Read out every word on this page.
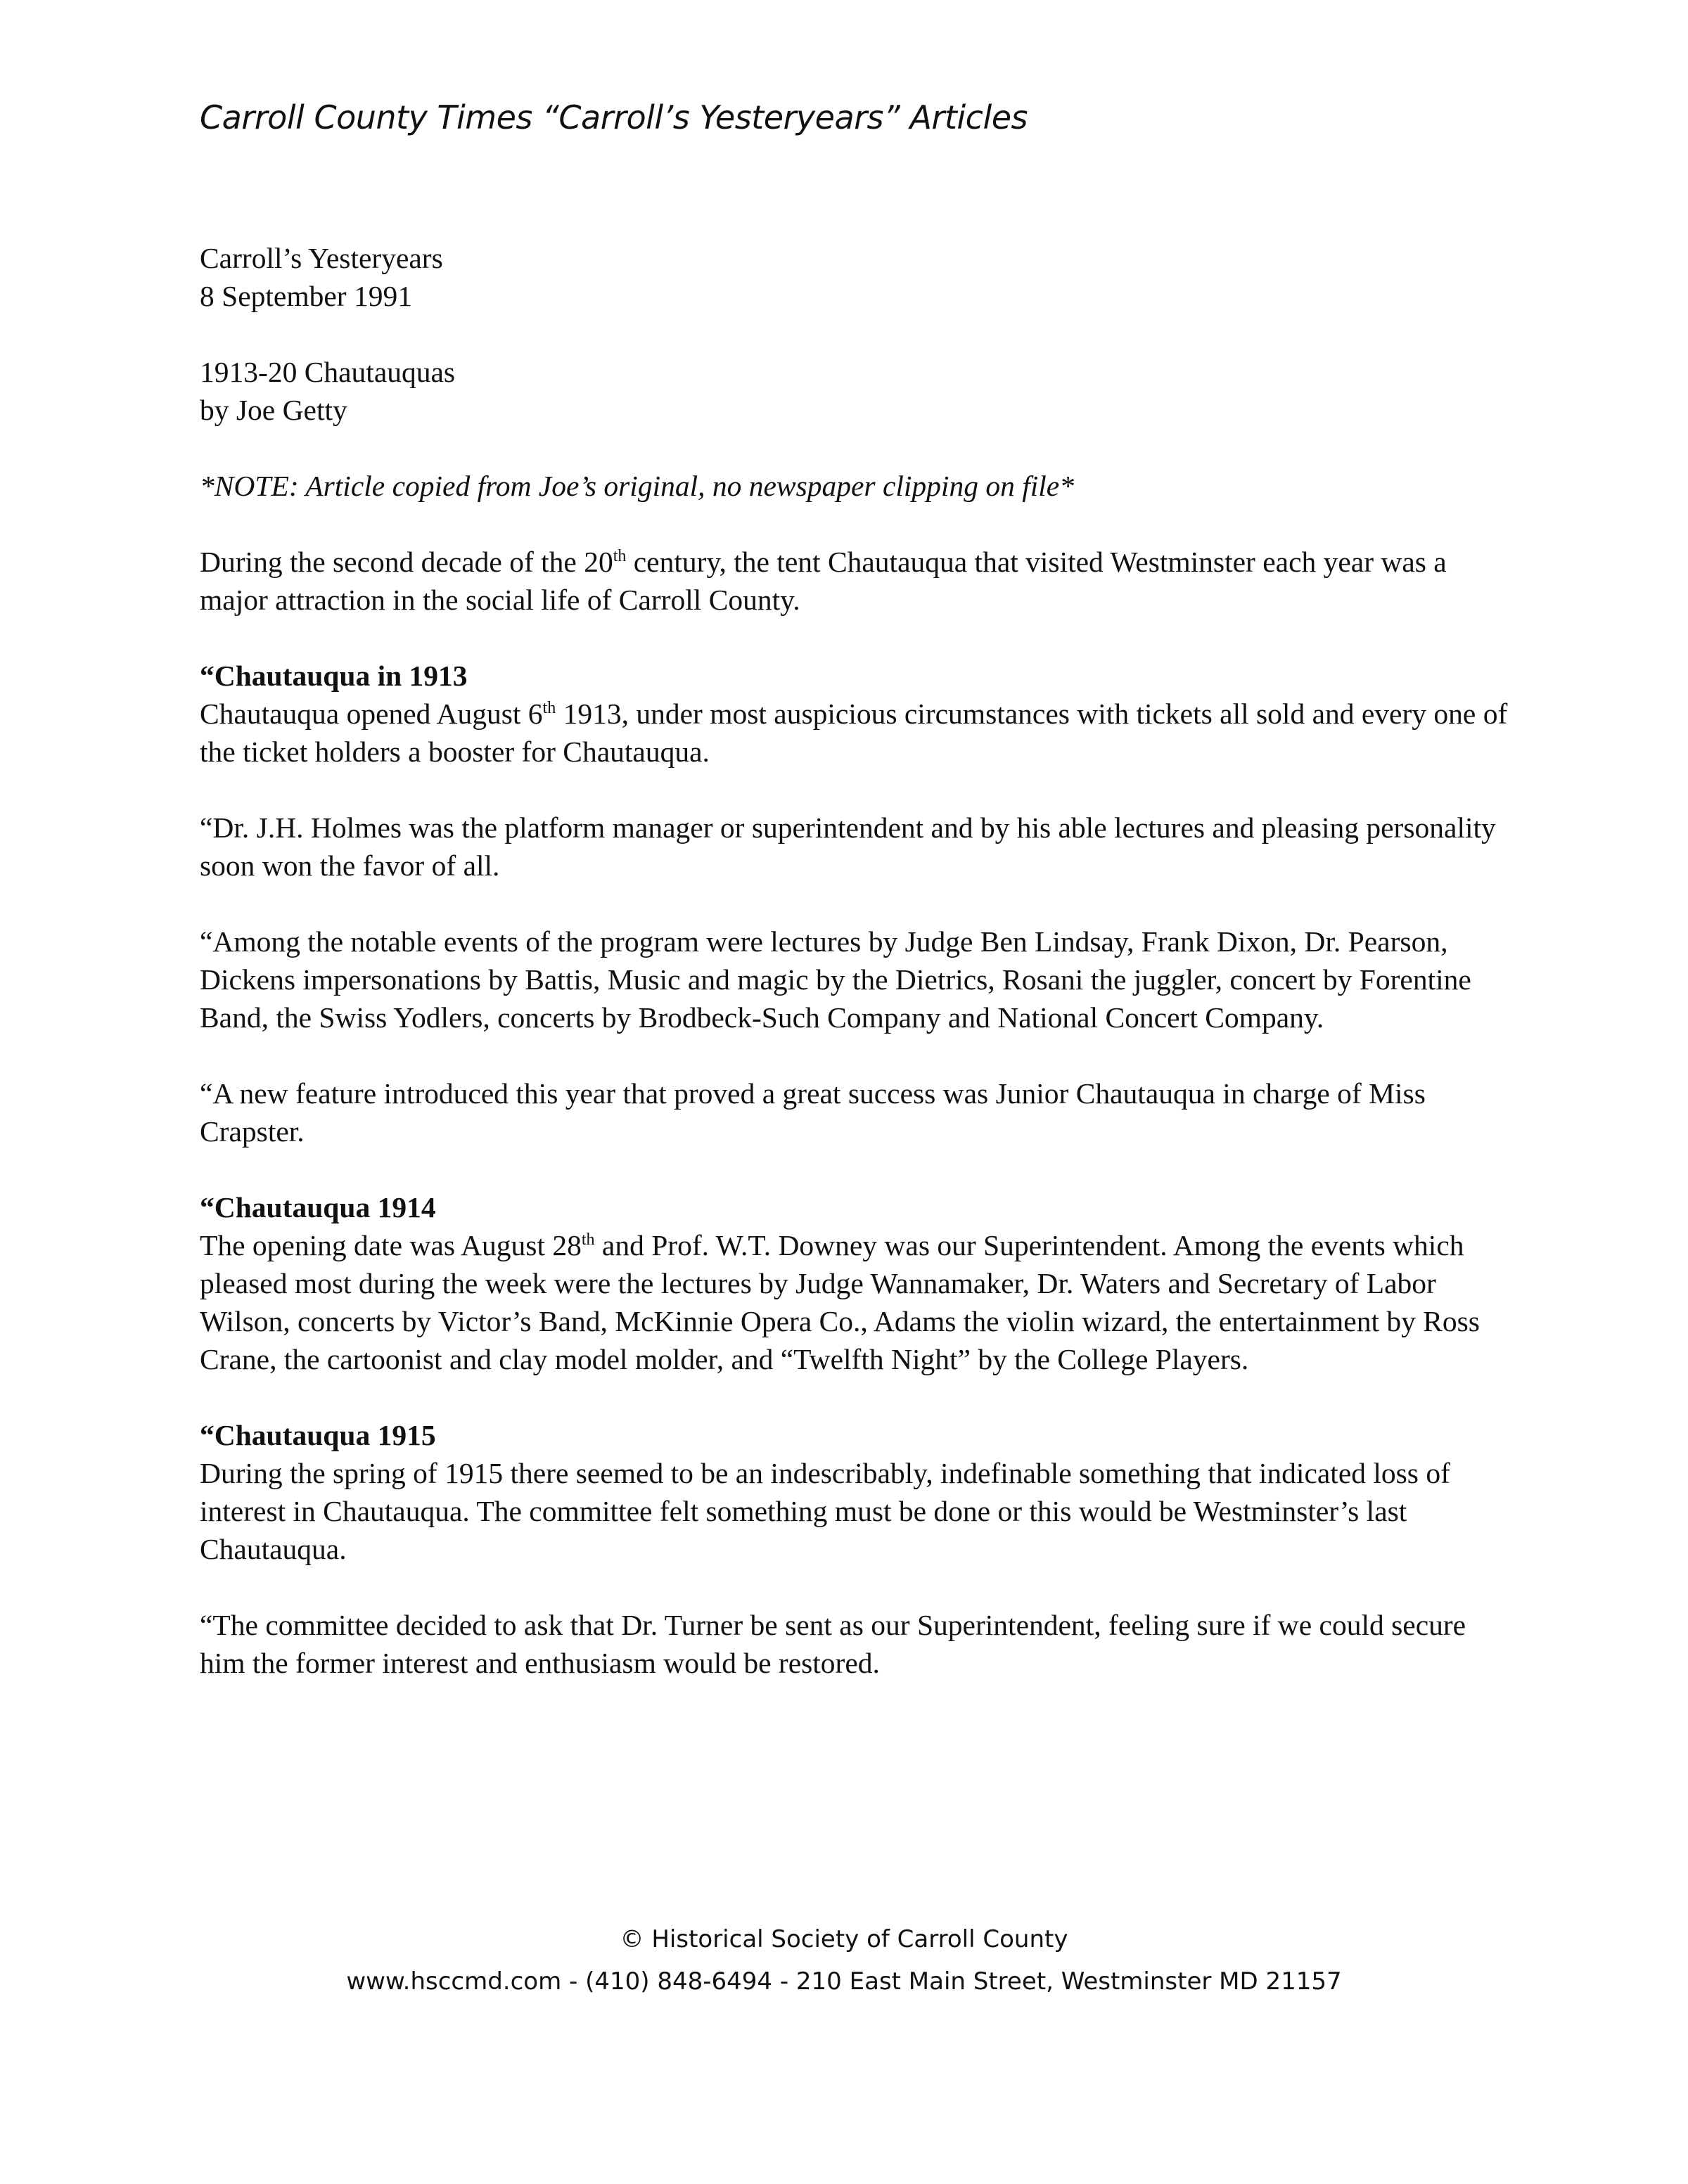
Carroll County Times “Carroll’s Yesteryears” Articles

Carroll’s Yesteryears

8 September 1991

1913-20 Chautauquas

by Joe Getty

*NOTE: Article copied from Joe’s original, no newspaper clipping on file*

During the second decade of the 20th century, the tent Chautauqua that visited Westminster each year was a major attraction in the social life of Carroll County.

“Chautauqua in 1913

Chautauqua opened August 6th 1913, under most auspicious circumstances with tickets all sold and every one of the ticket holders a booster for Chautauqua.

“Dr. J.H. Holmes was the platform manager or superintendent and by his able lectures and pleasing personality soon won the favor of all.

“Among the notable events of the program were lectures by Judge Ben Lindsay, Frank Dixon, Dr. Pearson, Dickens impersonations by Battis, Music and magic by the Dietrics, Rosani the juggler, concert by Forentine Band, the Swiss Yodlers, concerts by Brodbeck-Such Company and National Concert Company.

“A new feature introduced this year that proved a great success was Junior Chautauqua in charge of Miss Crapster.

“Chautauqua 1914

The opening date was August 28th and Prof. W.T. Downey was our Superintendent. Among the events which pleased most during the week were the lectures by Judge Wannamaker, Dr. Waters and Secretary of Labor Wilson, concerts by Victor’s Band, McKinnie Opera Co., Adams the violin wizard, the entertainment by Ross Crane, the cartoonist and clay model molder, and “Twelfth Night” by the College Players.

“Chautauqua 1915

During the spring of 1915 there seemed to be an indescribably, indefinable something that indicated loss of interest in Chautauqua. The committee felt something must be done or this would be Westminster’s last Chautauqua.

“The committee decided to ask that Dr. Turner be sent as our Superintendent, feeling sure if we could secure him the former interest and enthusiasm would be restored.

© Historical Society of Carroll County
www.hsccmd.com - (410) 848-6494 - 210 East Main Street, Westminster MD 21157
